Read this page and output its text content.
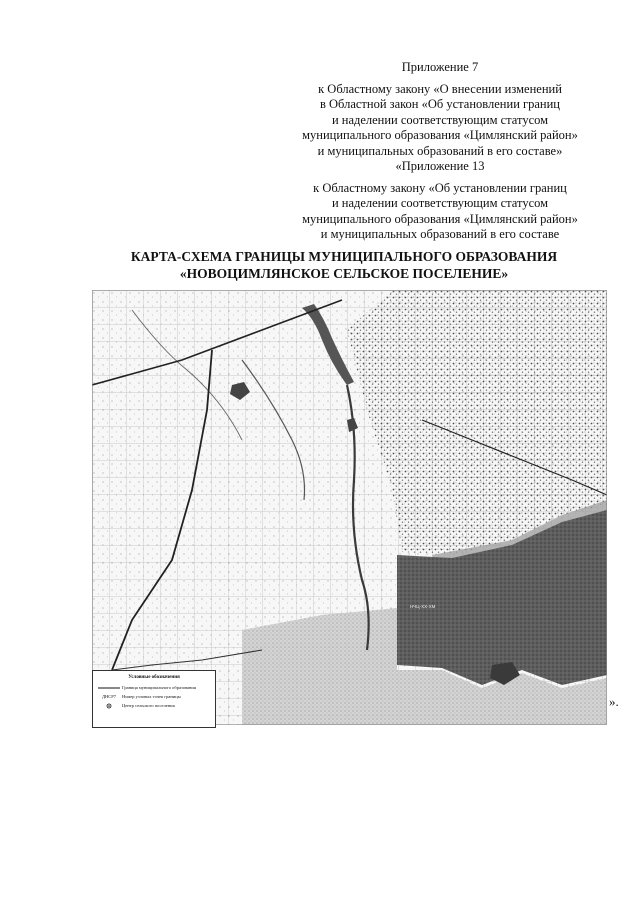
Приложение 7

к Областному закону «О внесении изменений

в Областной закон «Об установлении границ

и наделении соответствующим статусом

муниципального образования «Цимлянский район»

и муниципальных образований в его составе»

«Приложение 13

к Областному закону «Об установлении границ

и наделении соответствующим статусом

муниципального образования «Цимлянский район»

и муниципальных образований в его составе

КАРТА-СХЕМА ГРАНИЦЫ МУНИЦИПАЛЬНОГО ОБРАЗОВАНИЯ

«НОВОЦИМЛЯНСКОЕ СЕЛЬСКОЕ ПОСЕЛЕНИЕ»

НЧЦ-ХХ-ХМ
Условные обозначения
Граница муниципального образования
ДНСР7	Номер узловых точек границы
Центр сельского поселения	».
